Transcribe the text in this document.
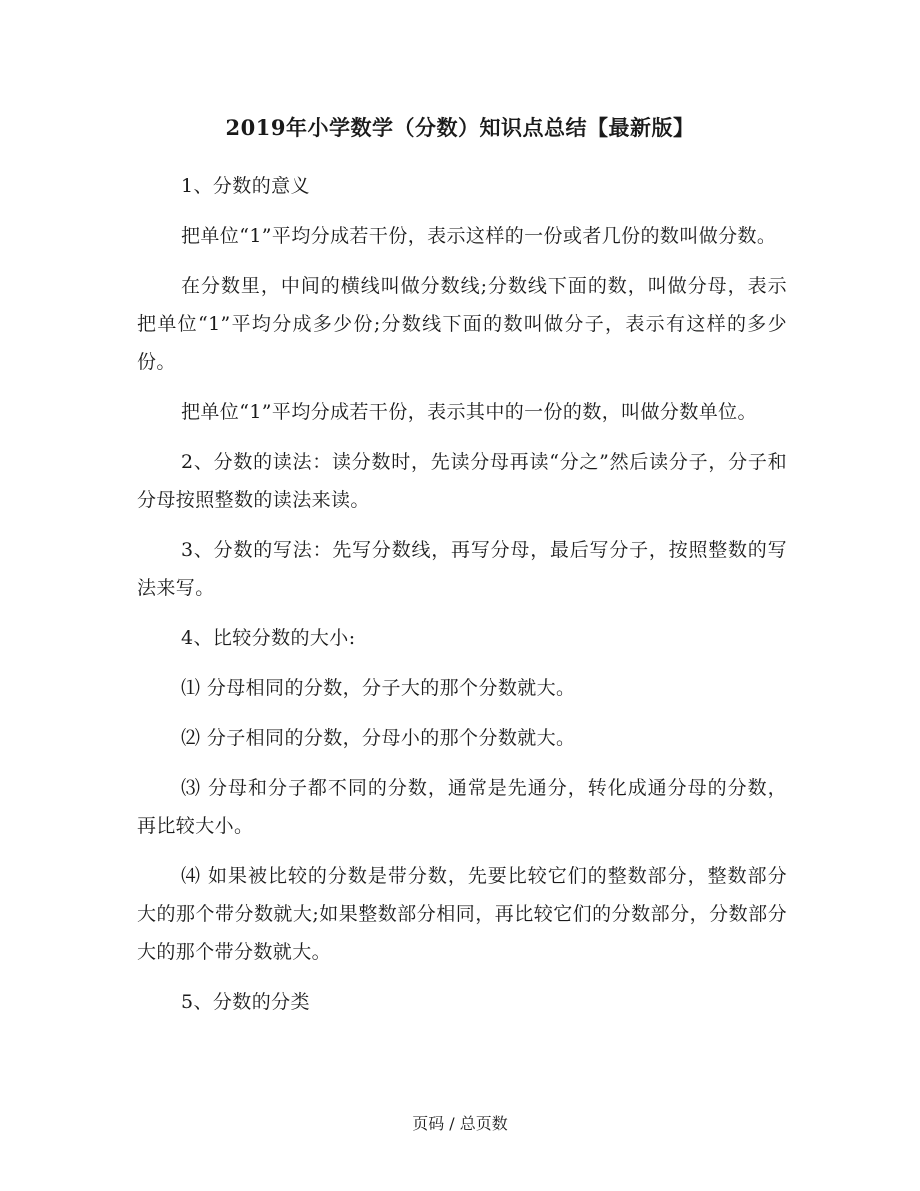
2019年小学数学（分数）知识点总结【最新版】

1、分数的意义

把单位“1”平均分成若干份，表示这样的一份或者几份的数叫做分数。

在分数里，中间的横线叫做分数线;分数线下面的数，叫做分母，表示把单位“1”平均分成多少份;分数线下面的数叫做分子，表示有这样的多少份。

把单位“1”平均分成若干份，表示其中的一份的数，叫做分数单位。

2、分数的读法：读分数时，先读分母再读“分之”然后读分子，分子和分母按照整数的读法来读。

3、分数的写法：先写分数线，再写分母，最后写分子，按照整数的写法来写。

4、比较分数的大小:

⑴ 分母相同的分数，分子大的那个分数就大。

⑵ 分子相同的分数，分母小的那个分数就大。

⑶ 分母和分子都不同的分数，通常是先通分，转化成通分母的分数，再比较大小。

⑷ 如果被比较的分数是带分数，先要比较它们的整数部分，整数部分大的那个带分数就大;如果整数部分相同，再比较它们的分数部分，分数部分大的那个带分数就大。

5、分数的分类

页码 / 总页数
